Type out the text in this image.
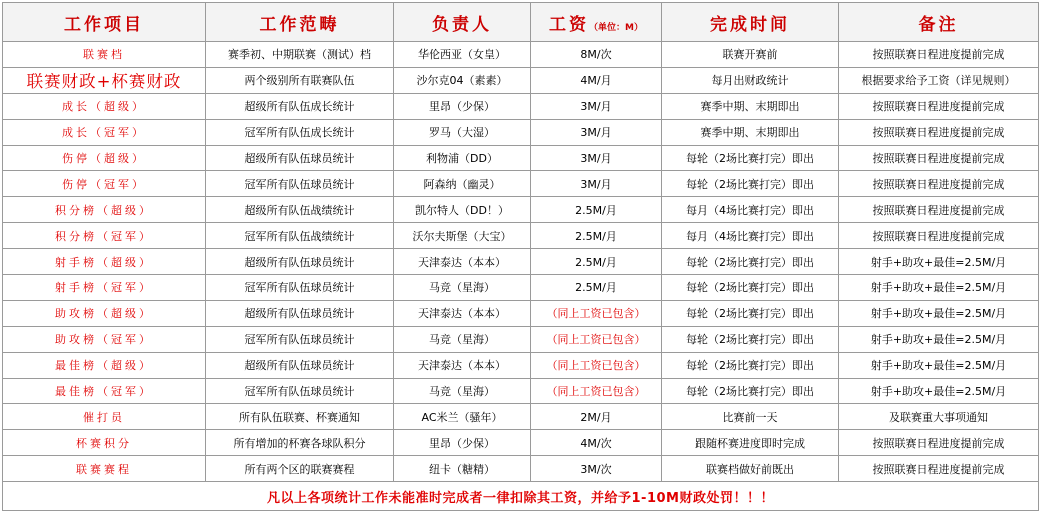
工作项目	工作范畴	负责人	工资（单位：M）	完成时间	备注
联赛档	赛季初、中期联赛（测试）档	华伦西亚（女皇）	8M/次	联赛开赛前	按照联赛日程进度提前完成
联赛财政+杯赛财政	两个级别所有联赛队伍	沙尔克04（素素）	4M/月	每月出财政统计	根据要求给予工资（详见规则）
成长（超级）	超级所有队伍成长统计	里昂（少保）	3M/月	赛季中期、末期即出	按照联赛日程进度提前完成
成长（冠军）	冠军所有队伍成长统计	罗马（大湿）	3M/月	赛季中期、末期即出	按照联赛日程进度提前完成
伤停（超级）	超级所有队伍球员统计	利物浦（DD）	3M/月	每轮（2场比赛打完）即出	按照联赛日程进度提前完成
伤停（冠军）	冠军所有队伍球员统计	阿森纳（幽灵）	3M/月	每轮（2场比赛打完）即出	按照联赛日程进度提前完成
积分榜（超级）	超级所有队伍战绩统计	凯尔特人（DD！）	2.5M/月	每月（4场比赛打完）即出	按照联赛日程进度提前完成
积分榜（冠军）	冠军所有队伍战绩统计	沃尔夫斯堡（大宝）	2.5M/月	每月（4场比赛打完）即出	按照联赛日程进度提前完成
射手榜（超级）	超级所有队伍球员统计	天津泰达（本本）	2.5M/月	每轮（2场比赛打完）即出	射手+助攻+最佳=2.5M/月
射手榜（冠军）	冠军所有队伍球员统计	马竞（星海）	2.5M/月	每轮（2场比赛打完）即出	射手+助攻+最佳=2.5M/月
助攻榜（超级）	超级所有队伍球员统计	天津泰达（本本）	（同上工资已包含）	每轮（2场比赛打完）即出	射手+助攻+最佳=2.5M/月
助攻榜（冠军）	冠军所有队伍球员统计	马竞（星海）	（同上工资已包含）	每轮（2场比赛打完）即出	射手+助攻+最佳=2.5M/月
最佳榜（超级）	超级所有队伍球员统计	天津泰达（本本）	（同上工资已包含）	每轮（2场比赛打完）即出	射手+助攻+最佳=2.5M/月
最佳榜（冠军）	冠军所有队伍球员统计	马竞（星海）	（同上工资已包含）	每轮（2场比赛打完）即出	射手+助攻+最佳=2.5M/月
催打员	所有队伍联赛、杯赛通知	AC米兰（骚年）	2M/月	比赛前一天	及联赛重大事项通知
杯赛积分	所有增加的杯赛各球队积分	里昂（少保）	4M/次	跟随杯赛进度即时完成	按照联赛日程进度提前完成
联赛赛程	所有两个区的联赛赛程	纽卡（糖精）	3M/次	联赛档做好前既出	按照联赛日程进度提前完成
凡以上各项统计工作未能准时完成者一律扣除其工资，并给予1-10M财政处罚！！！					
